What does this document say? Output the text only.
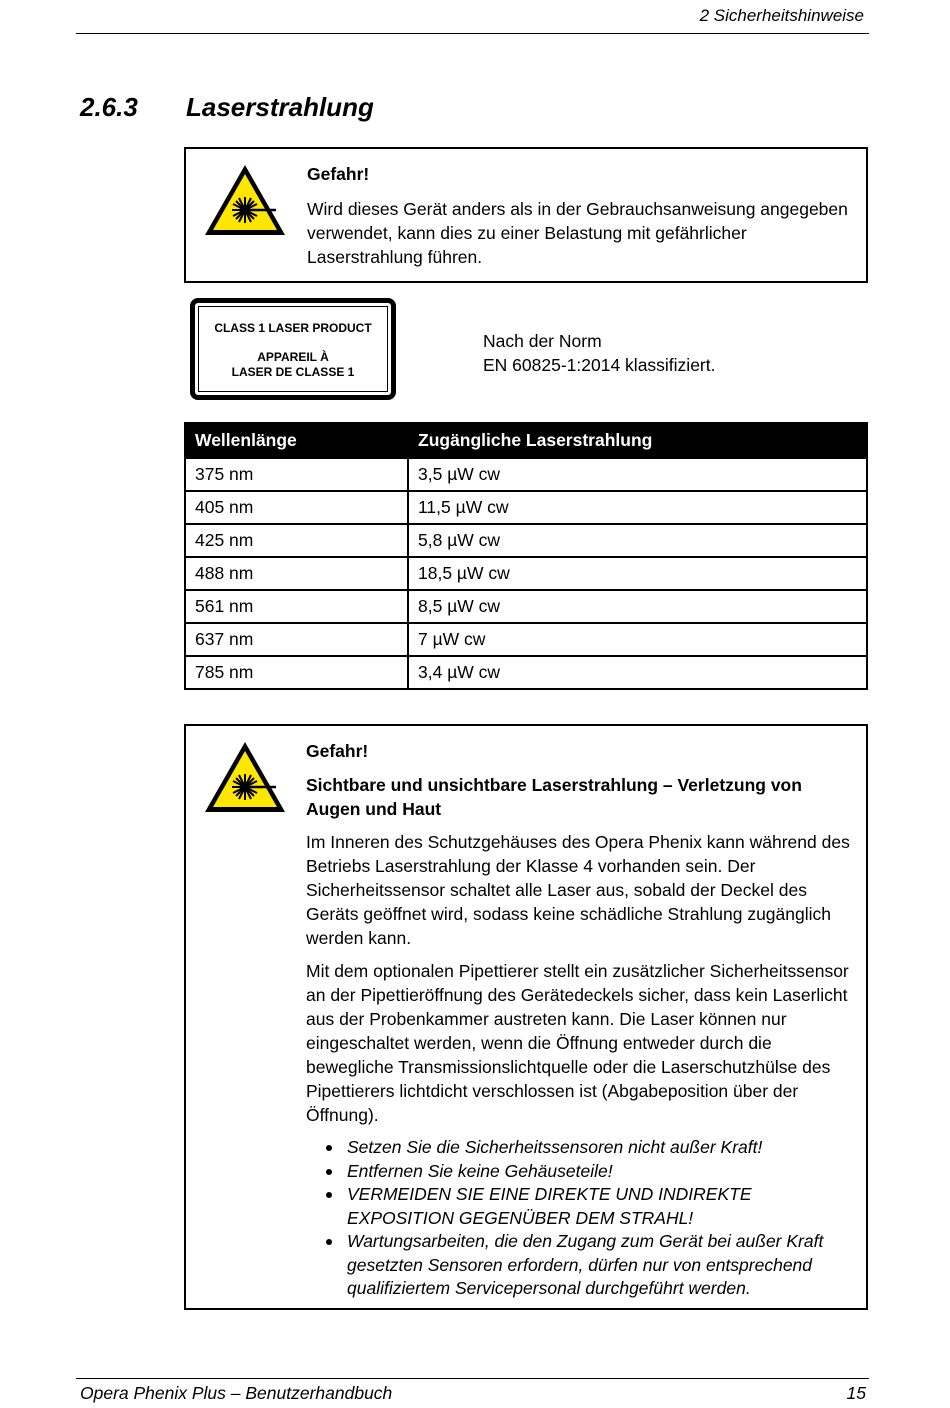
2 Sicherheitshinweise
2.6.3 Laserstrahlung
Gefahr!
Wird dieses Gerät anders als in der Gebrauchsanweisung angegeben verwendet, kann dies zu einer Belastung mit gefährlicher Laserstrahlung führen.
CLASS 1 LASER PRODUCT
APPAREIL À
LASER DE CLASSE 1
Nach der Norm
EN 60825-1:2014 klassifiziert.
Wellenlänge	Zugängliche Laserstrahlung
375 nm	3,5 µW cw
405 nm	11,5 µW cw
425 nm	5,8 µW cw
488 nm	18,5 µW cw
561 nm	8,5 µW cw
637 nm	7 µW cw
785 nm	3,4 µW cw
Gefahr!
Sichtbare und unsichtbare Laserstrahlung – Verletzung von Augen und Haut
Im Inneren des Schutzgehäuses des Opera Phenix kann während des Betriebs Laserstrahlung der Klasse 4 vorhanden sein. Der Sicherheitssensor schaltet alle Laser aus, sobald der Deckel des Geräts geöffnet wird, sodass keine schädliche Strahlung zugänglich werden kann.
Mit dem optionalen Pipettierer stellt ein zusätzlicher Sicherheitssensor an der Pipettieröffnung des Gerätedeckels sicher, dass kein Laserlicht aus der Probenkammer austreten kann. Die Laser können nur eingeschaltet werden, wenn die Öffnung entweder durch die bewegliche Transmissionslichtquelle oder die Laserschutzhülse des Pipettierers lichtdicht verschlossen ist (Abgabeposition über der Öffnung).
Setzen Sie die Sicherheitssensoren nicht außer Kraft!
Entfernen Sie keine Gehäuseteile!
VERMEIDEN SIE EINE DIREKTE UND INDIREKTE EXPOSITION GEGENÜBER DEM STRAHL!
Wartungsarbeiten, die den Zugang zum Gerät bei außer Kraft gesetzten Sensoren erfordern, dürfen nur von entsprechend qualifiziertem Servicepersonal durchgeführt werden.
Opera Phenix Plus – Benutzerhandbuch	15
